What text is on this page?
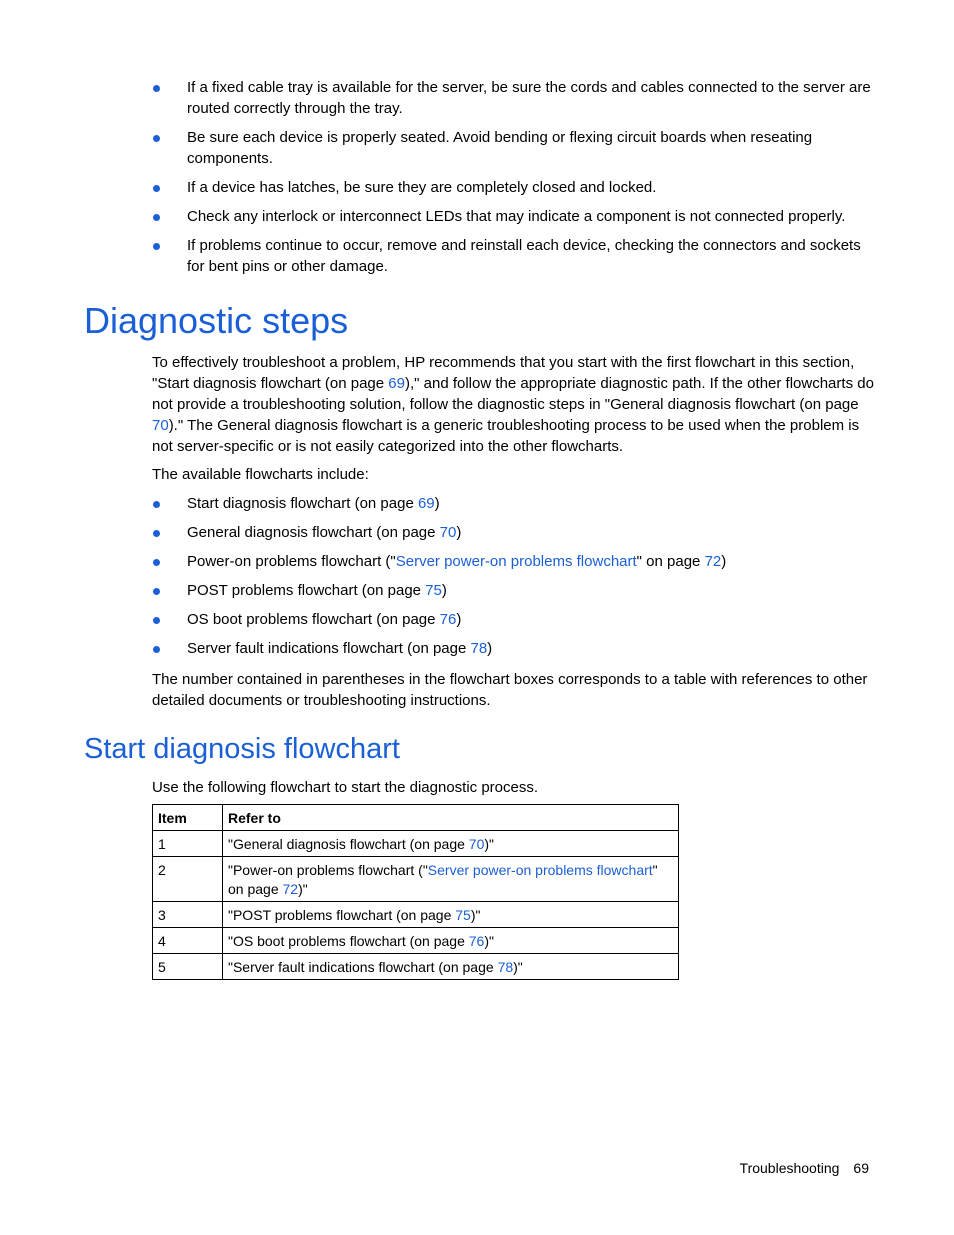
If a fixed cable tray is available for the server, be sure the cords and cables connected to the server are routed correctly through the tray.
Be sure each device is properly seated. Avoid bending or flexing circuit boards when reseating components.
If a device has latches, be sure they are completely closed and locked.
Check any interlock or interconnect LEDs that may indicate a component is not connected properly.
If problems continue to occur, remove and reinstall each device, checking the connectors and sockets for bent pins or other damage.
Diagnostic steps

To effectively troubleshoot a problem, HP recommends that you start with the first flowchart in this section, "Start diagnosis flowchart (on page 69)," and follow the appropriate diagnostic path. If the other flowcharts do not provide a troubleshooting solution, follow the diagnostic steps in "General diagnosis flowchart (on page 70)." The General diagnosis flowchart is a generic troubleshooting process to be used when the problem is not server-specific or is not easily categorized into the other flowcharts.

The available flowcharts include:

Start diagnosis flowchart (on page 69)
General diagnosis flowchart (on page 70)
Power-on problems flowchart ("Server power-on problems flowchart" on page 72)
POST problems flowchart (on page 75)
OS boot problems flowchart (on page 76)
Server fault indications flowchart (on page 78)

The number contained in parentheses in the flowchart boxes corresponds to a table with references to other detailed documents or troubleshooting instructions.

Start diagnosis flowchart

Use the following flowchart to start the diagnostic process.

Item	Refer to
1	"General diagnosis flowchart (on page 70)"
2	"Power-on problems flowchart ("Server power-on problems flowchart" on page 72)"
3	"POST problems flowchart (on page 75)"
4	"OS boot problems flowchart (on page 76)"
5	"Server fault indications flowchart (on page 78)"
Troubleshooting 69
